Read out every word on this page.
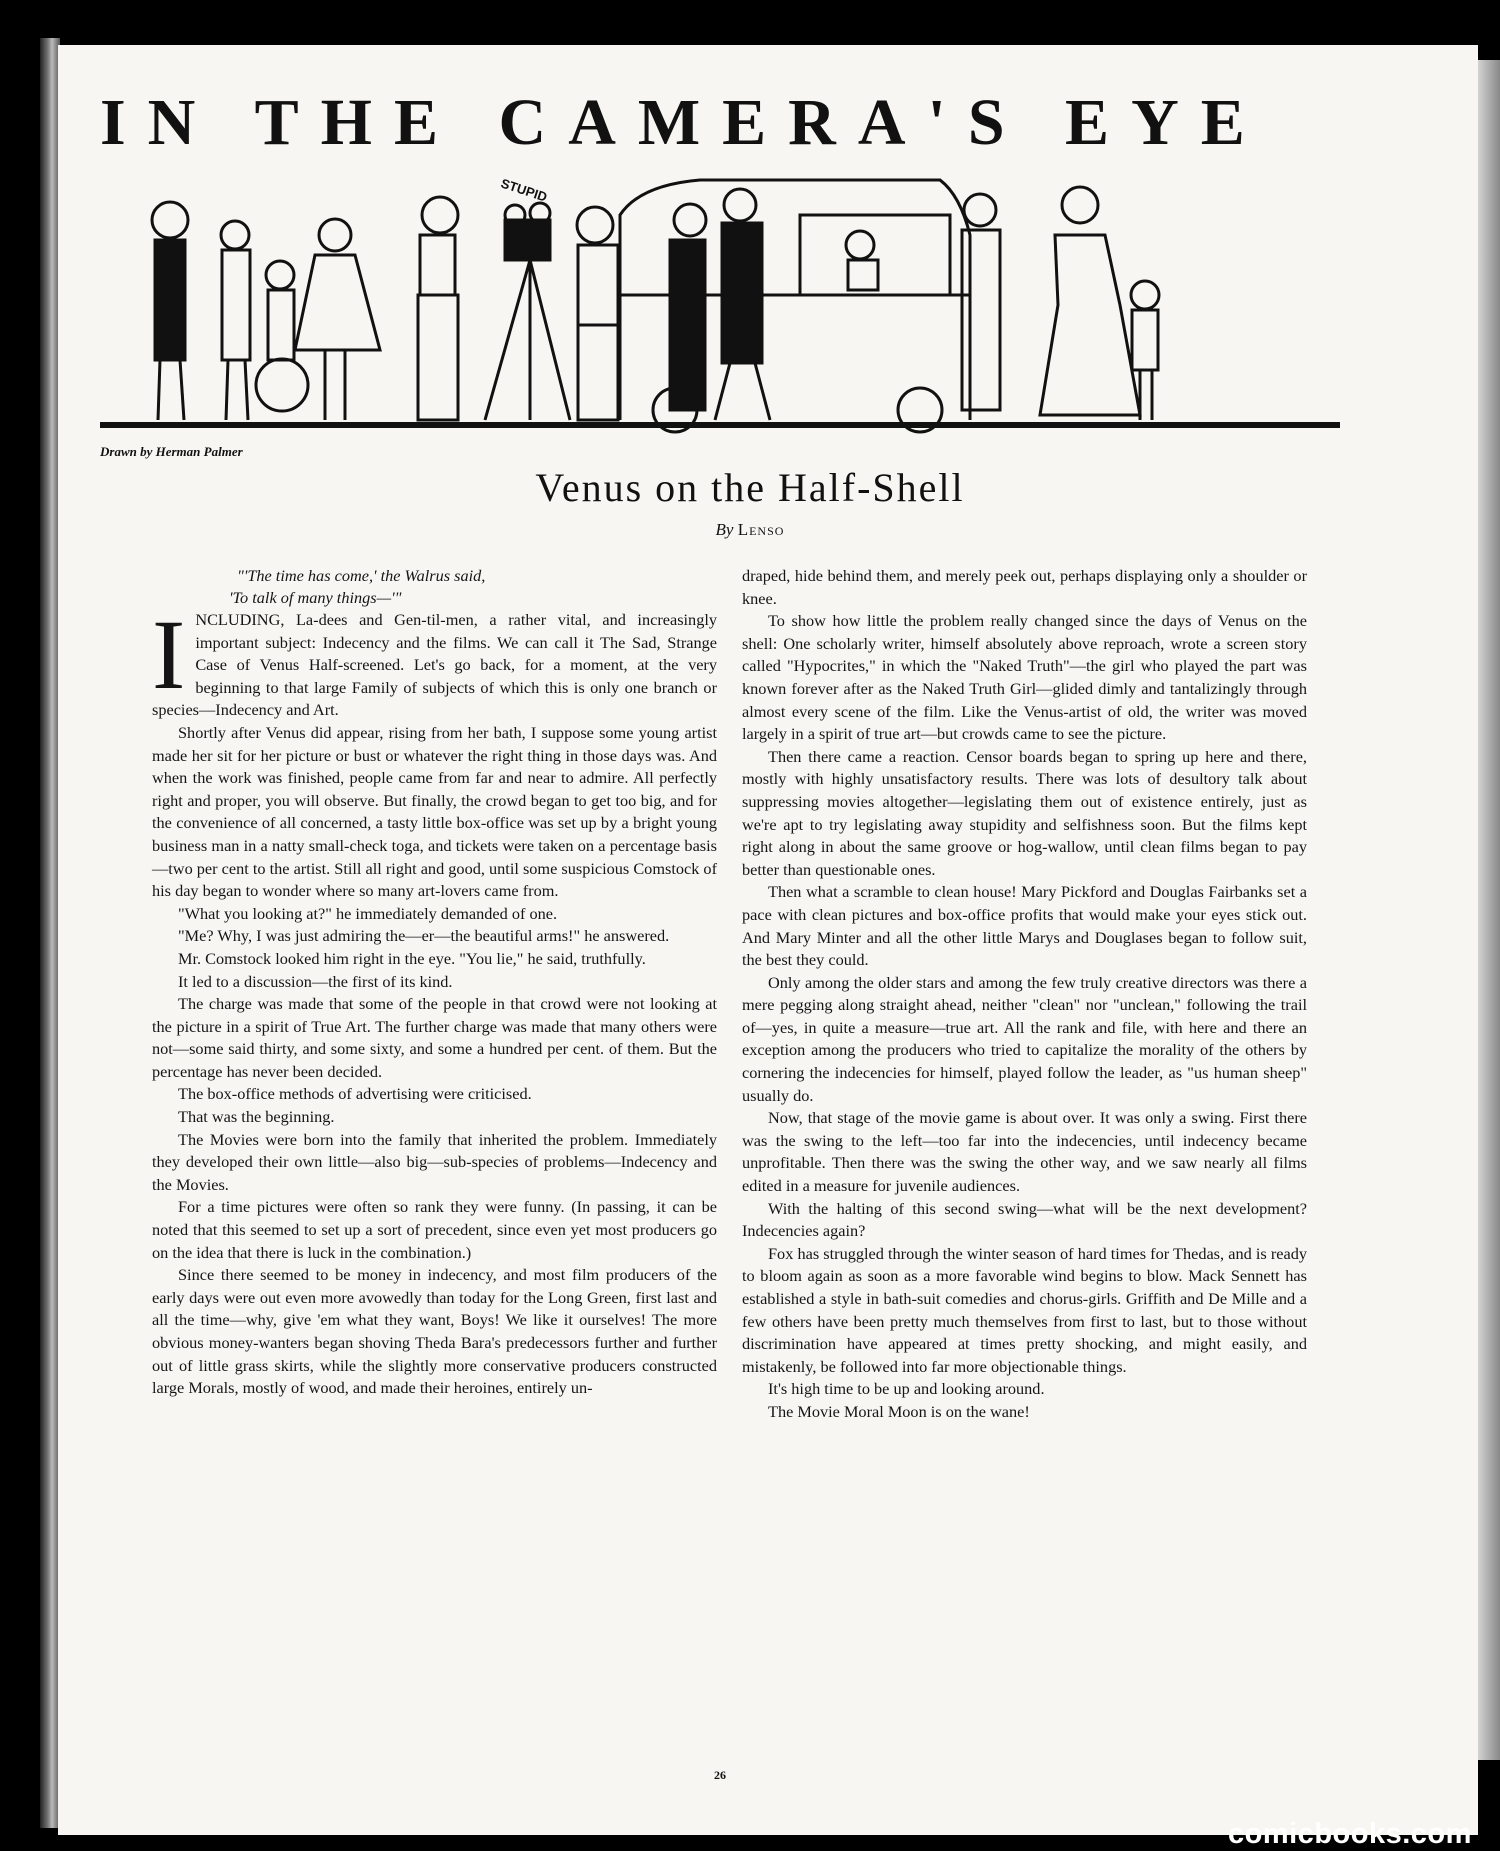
IN THE CAMERA'S EYE
STUPID
Drawn by Herman Palmer
Venus on the Half-Shell
By Lenso
"'The time has come,' the Walrus said,
'To talk of many things—'"

INCLUDING, La-dees and Gen-til-men, a rather vital, and increasingly important subject: Indecency and the films. We can call it The Sad, Strange Case of Venus Half-screened. Let's go back, for a moment, at the very beginning to that large Family of subjects of which this is only one branch or species—Indecency and Art.

Shortly after Venus did appear, rising from her bath, I suppose some young artist made her sit for her picture or bust or whatever the right thing in those days was. And when the work was finished, people came from far and near to admire. All perfectly right and proper, you will observe. But finally, the crowd began to get too big, and for the convenience of all concerned, a tasty little box-office was set up by a bright young business man in a natty small-check toga, and tickets were taken on a percentage basis—two per cent to the artist. Still all right and good, until some suspicious Comstock of his day began to wonder where so many art-lovers came from.

"What you looking at?" he immediately demanded of one.

"Me? Why, I was just admiring the—er—the beautiful arms!" he answered.

Mr. Comstock looked him right in the eye. "You lie," he said, truthfully.

It led to a discussion—the first of its kind.

The charge was made that some of the people in that crowd were not looking at the picture in a spirit of True Art. The further charge was made that many others were not—some said thirty, and some sixty, and some a hundred per cent. of them. But the percentage has never been decided.

The box-office methods of advertising were criticised.

That was the beginning.

The Movies were born into the family that inherited the problem. Immediately they developed their own little—also big—sub-species of problems—Indecency and the Movies.

For a time pictures were often so rank they were funny. (In passing, it can be noted that this seemed to set up a sort of precedent, since even yet most producers go on the idea that there is luck in the combination.)

Since there seemed to be money in indecency, and most film producers of the early days were out even more avowedly than today for the Long Green, first last and all the time—why, give 'em what they want, Boys! We like it ourselves! The more obvious money-wanters began shoving Theda Bara's predecessors further and further out of little grass skirts, while the slightly more conservative producers constructed large Morals, mostly of wood, and made their heroines, entirely un-

draped, hide behind them, and merely peek out, perhaps displaying only a shoulder or knee.

To show how little the problem really changed since the days of Venus on the shell: One scholarly writer, himself absolutely above reproach, wrote a screen story called "Hypocrites," in which the "Naked Truth"—the girl who played the part was known forever after as the Naked Truth Girl—glided dimly and tantalizingly through almost every scene of the film. Like the Venus-artist of old, the writer was moved largely in a spirit of true art—but crowds came to see the picture.

Then there came a reaction. Censor boards began to spring up here and there, mostly with highly unsatisfactory results. There was lots of desultory talk about suppressing movies altogether—legislating them out of existence entirely, just as we're apt to try legislating away stupidity and selfishness soon. But the films kept right along in about the same groove or hog-wallow, until clean films began to pay better than questionable ones.

Then what a scramble to clean house! Mary Pickford and Douglas Fairbanks set a pace with clean pictures and box-office profits that would make your eyes stick out. And Mary Minter and all the other little Marys and Douglases began to follow suit, the best they could.

Only among the older stars and among the few truly creative directors was there a mere pegging along straight ahead, neither "clean" nor "unclean," following the trail of—yes, in quite a measure—true art. All the rank and file, with here and there an exception among the producers who tried to capitalize the morality of the others by cornering the indecencies for himself, played follow the leader, as "us human sheep" usually do.

Now, that stage of the movie game is about over. It was only a swing. First there was the swing to the left—too far into the indecencies, until indecency became unprofitable. Then there was the swing the other way, and we saw nearly all films edited in a measure for juvenile audiences.

With the halting of this second swing—what will be the next development? Indecencies again?

Fox has struggled through the winter season of hard times for Thedas, and is ready to bloom again as soon as a more favorable wind begins to blow. Mack Sennett has established a style in bath-suit comedies and chorus-girls. Griffith and De Mille and a few others have been pretty much themselves from first to last, but to those without discrimination have appeared at times pretty shocking, and might easily, and mistakenly, be followed into far more objectionable things.

It's high time to be up and looking around.

The Movie Moral Moon is on the wane!

26
comicbooks.com
